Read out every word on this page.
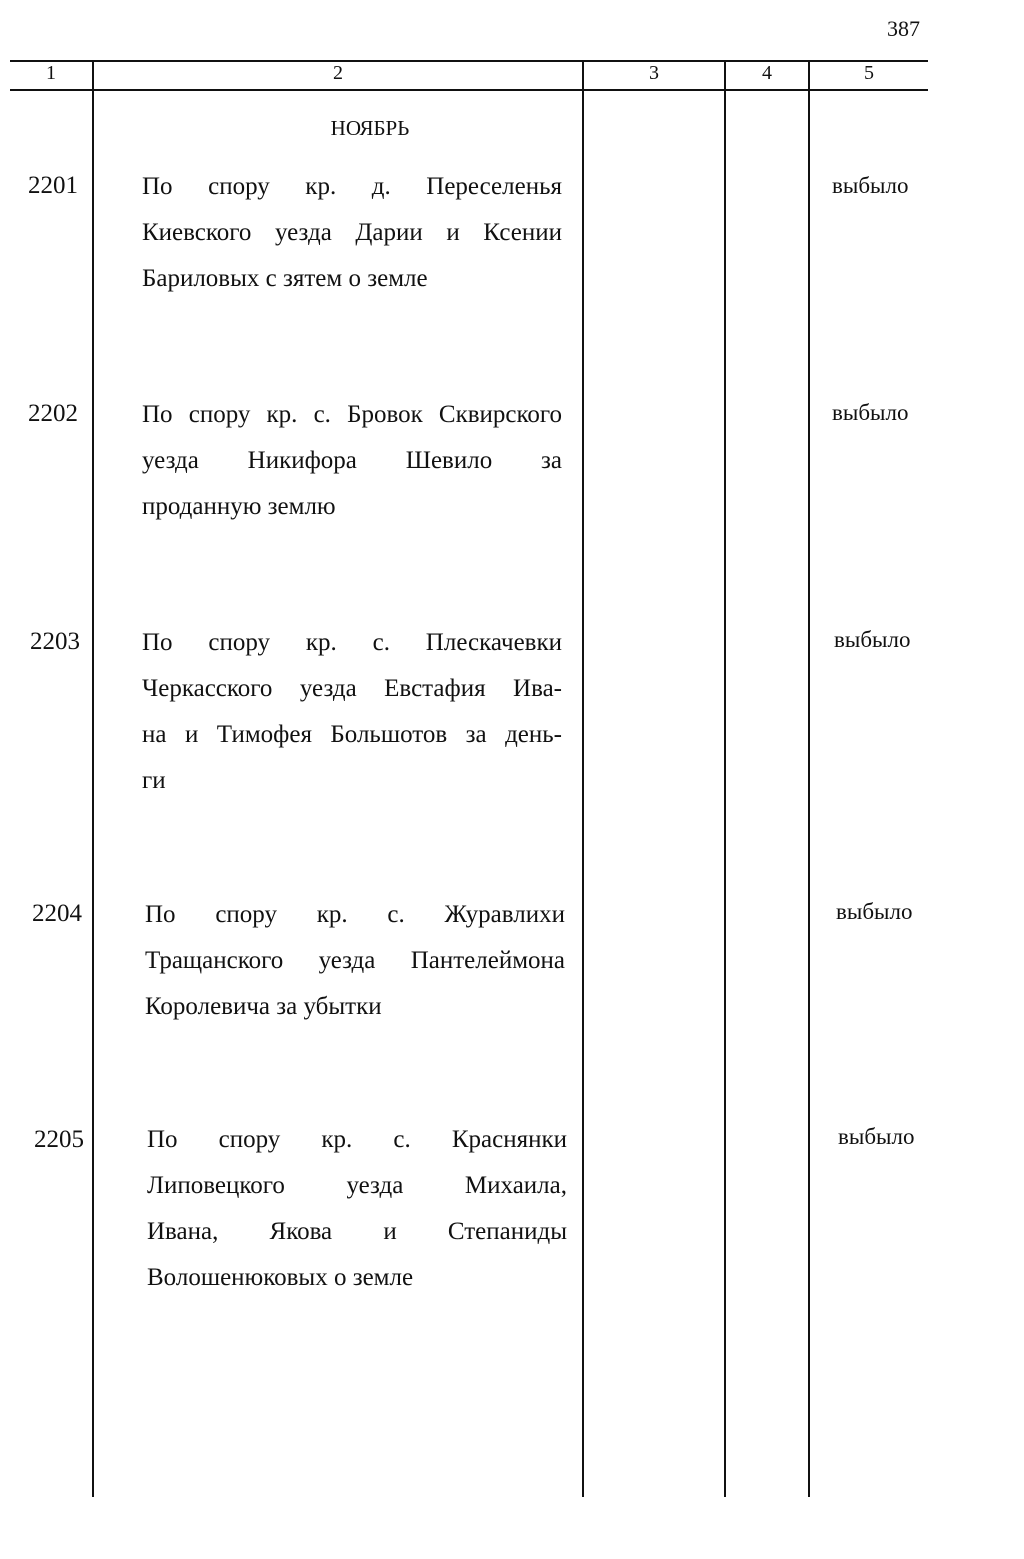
387
1	2	3	4	5
НОЯБРЬ
2201	По спору кр. д. Переселенья
Киевского уезда Дарии и Ксении
Бариловых с зятем о земле
выбыло
2202	По спору кр. с. Бровок Сквирского
уезда Никифора Шевило за
проданную землю
выбыло
2203 По спору кр. с. Плескачевки
Черкасского уезда Евстафия Ива-
на и Тимофея Большотов за день-
ги
выбыло
2204	По спору кр. с. Журавлихи
Тращанского уезда Пантелеймона
Королевича за убытки
выбыло
2205	По спору кр. с. Краснянки
Липовецкого уезда Михаила,
Ивана, Якова и Степаниды
Волошенюковых о земле
выбыло
